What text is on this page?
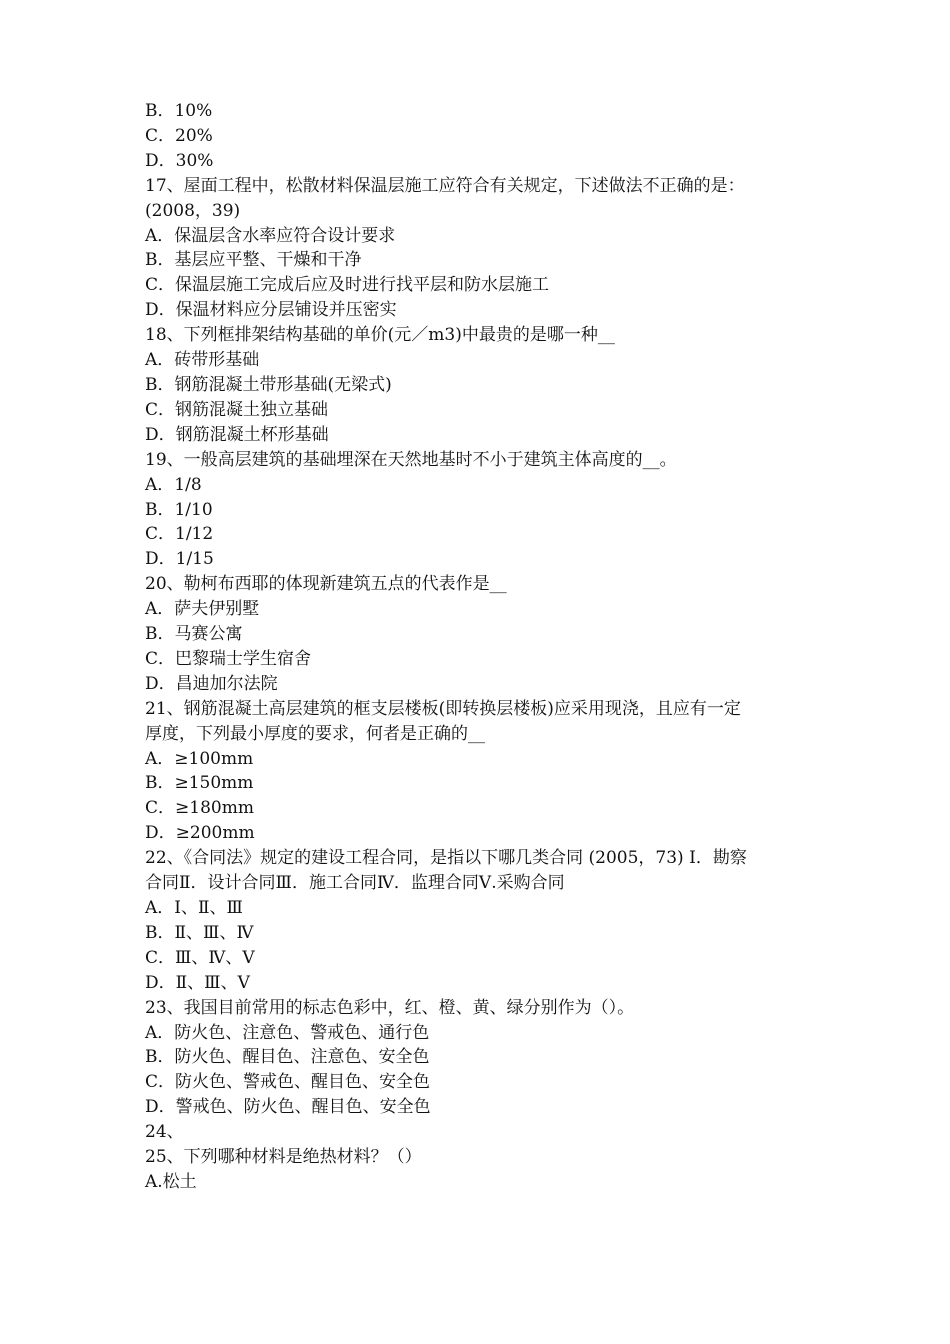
B．10%

C．20%

D．30%

17、屋面工程中，松散材料保温层施工应符合有关规定，下述做法不正确的是：

(2008，39)

A．保温层含水率应符合设计要求

B．基层应平整、干燥和干净

C．保温层施工完成后应及时进行找平层和防水层施工

D．保温材料应分层铺设并压密实

18、下列框排架结构基础的单价(元／m3)中最贵的是哪一种__

A．砖带形基础

B．钢筋混凝土带形基础(无梁式)

C．钢筋混凝土独立基础

D．钢筋混凝土杯形基础

19、一般高层建筑的基础埋深在天然地基时不小于建筑主体高度的__。

A．1/8

B．1/10

C．1/12

D．1/15

20、勒柯布西耶的体现新建筑五点的代表作是__

A．萨夫伊别墅

B．马赛公寓

C．巴黎瑞士学生宿舍

D．昌迪加尔法院

21、钢筋混凝土高层建筑的框支层楼板(即转换层楼板)应采用现浇，且应有一定

厚度，下列最小厚度的要求，何者是正确的__

A．≥100mm

B．≥150mm

C．≥180mm

D．≥200mm

22、《合同法》规定的建设工程合同，是指以下哪几类合同 (2005，73) Ⅰ．勘察

合同Ⅱ．设计合同Ⅲ．施工合同Ⅳ．监理合同Ⅴ.采购合同

A．Ⅰ、Ⅱ、Ⅲ

B．Ⅱ、Ⅲ、Ⅳ

C．Ⅲ、Ⅳ、Ⅴ

D．Ⅱ、Ⅲ、Ⅴ

23、我国目前常用的标志色彩中，红、橙、黄、绿分别作为（）。

A．防火色、注意色、警戒色、通行色

B．防火色、醒目色、注意色、安全色

C．防火色、警戒色、醒目色、安全色

D．警戒色、防火色、醒目色、安全色

24、

25、下列哪种材料是绝热材料？（）

A.松土
